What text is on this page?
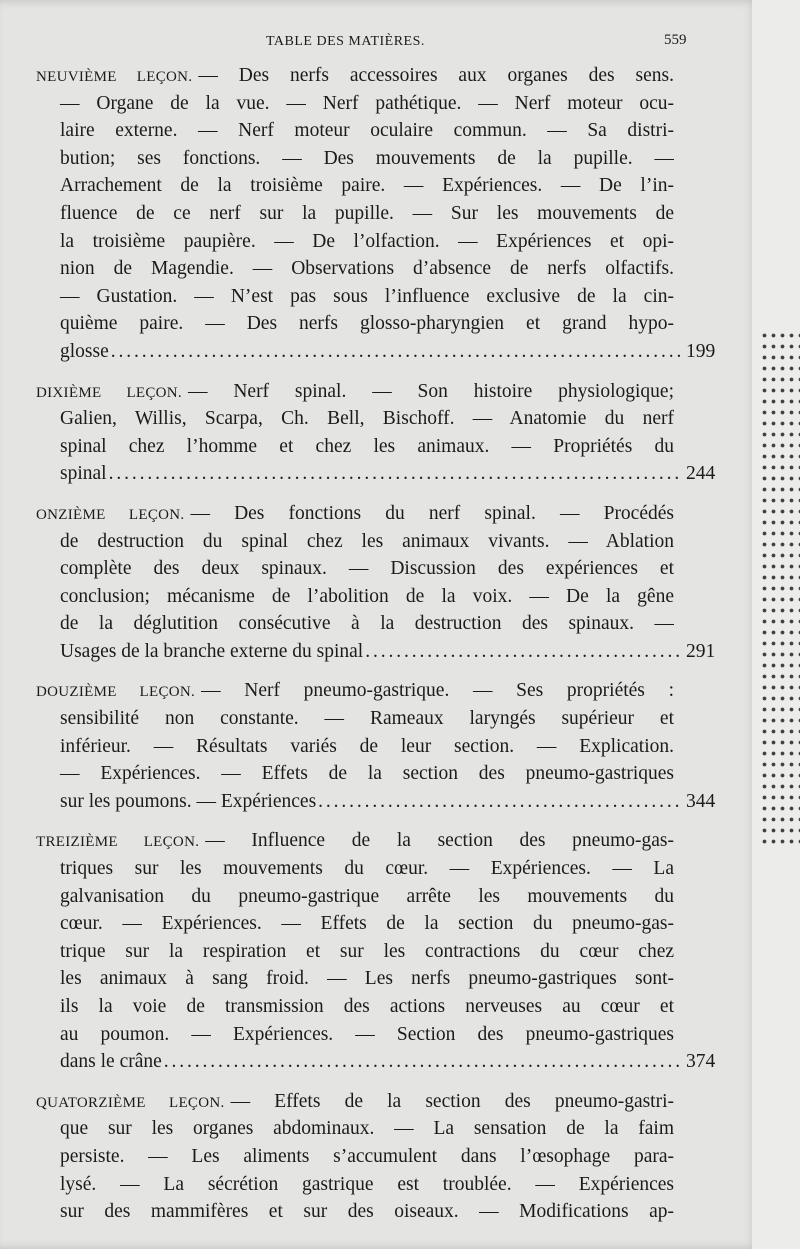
TABLE DES MATIÈRES.	559
NEUVIÈME LEÇON. — Des nerfs accessoires aux organes des sens.
— Organe de la vue. — Nerf pathétique. — Nerf moteur ocu-
laire externe. — Nerf moteur oculaire commun. — Sa distri-
bution; ses fonctions. — Des mouvements de la pupille. —
Arrachement de la troisième paire. — Expériences. — De l’in-
fluence de ce nerf sur la pupille. — Sur les mouvements de
la troisième paupière. — De l’olfaction. — Expériences et opi-
nion de Magendie. — Observations d’absence de nerfs olfactifs.
— Gustation. — N’est pas sous l’influence exclusive de la cin-
quième paire. — Des nerfs glosso-pharyngien et grand hypo-
glosse . . .	199
DIXIÈME LEÇON. — Nerf spinal. — Son histoire physiologique;
Galien, Willis, Scarpa, Ch. Bell, Bischoff. — Anatomie du nerf
spinal chez l’homme et chez les animaux. — Propriétés du
spinal . . .	244
ONZIÈME LEÇON. — Des fonctions du nerf spinal. — Procédés
de destruction du spinal chez les animaux vivants. — Ablation
complète des deux spinaux. — Discussion des expériences et
conclusion; mécanisme de l’abolition de la voix. — De la gêne
de la déglutition consécutive à la destruction des spinaux. —
Usages de la branche externe du spinal . . .	291
DOUZIÈME LEÇON. — Nerf pneumo-gastrique. — Ses propriétés :
sensibilité non constante. — Rameaux laryngés supérieur et
inférieur. — Résultats variés de leur section. — Explication.
— Expériences. — Effets de la section des pneumo-gastriques
sur les poumons. — Expériences . . .	344
TREIZIÈME LEÇON. — Influence de la section des pneumo-gas-
triques sur les mouvements du cœur. — Expériences. — La
galvanisation du pneumo-gastrique arrête les mouvements du
cœur. — Expériences. — Effets de la section du pneumo-gas-
trique sur la respiration et sur les contractions du cœur chez
les animaux à sang froid. — Les nerfs pneumo-gastriques sont-
ils la voie de transmission des actions nerveuses au cœur et
au poumon. — Expériences. — Section des pneumo-gastriques
dans le crâne . . .	374
QUATORZIÈME LEÇON. — Effets de la section des pneumo-gastri-
que sur les organes abdominaux. — La sensation de la faim
persiste. — Les aliments s’accumulent dans l’œsophage para-
lysé. — La sécrétion gastrique est troublée. — Expériences
sur des mammifères et sur des oiseaux. — Modifications ap-
